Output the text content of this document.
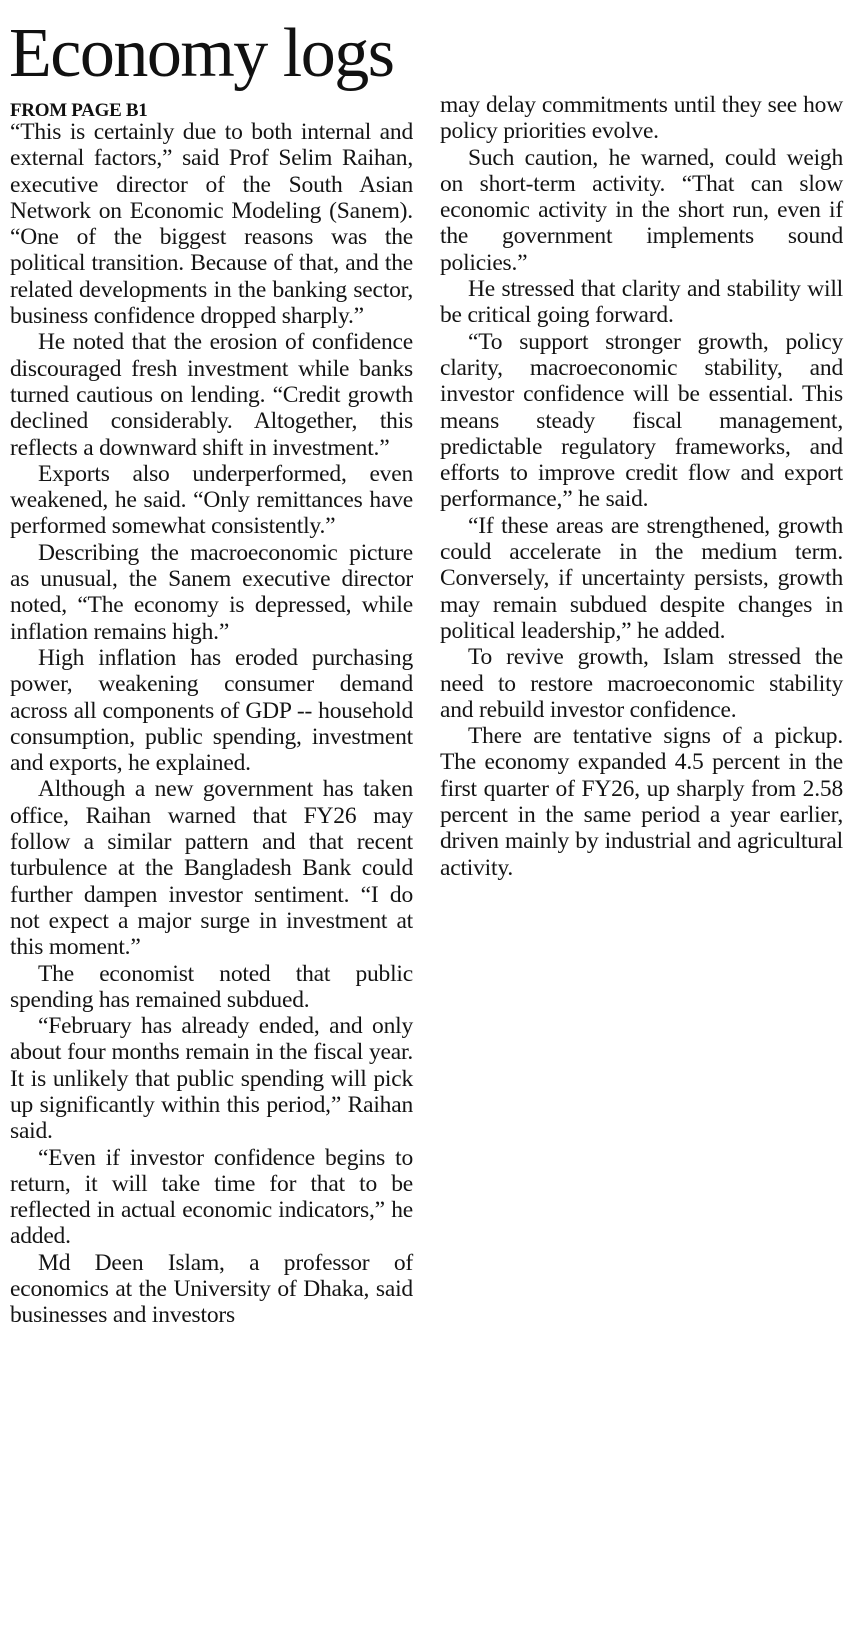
Economy logs
FROM PAGE B1

“This is certainly due to both internal and external factors,” said Prof Selim Raihan, executive director of the South Asian Network on Economic Modeling (Sanem). “One of the biggest reasons was the political transition. Because of that, and the related developments in the banking sector, business confidence dropped sharply.”

He noted that the erosion of confidence discouraged fresh investment while banks turned cautious on lending. “Credit growth declined considerably. Altogether, this reflects a downward shift in investment.”

Exports also underperformed, even weakened, he said. “Only remittances have performed somewhat consistently.”

Describing the macroeconomic picture as unusual, the Sanem executive director noted, “The economy is depressed, while inflation remains high.”

High inflation has eroded purchasing power, weakening consumer demand across all components of GDP -- household consumption, public spending, investment and exports, he explained.

Although a new government has taken office, Raihan warned that FY26 may follow a similar pattern and that recent turbulence at the Bangladesh Bank could further dampen investor sentiment. “I do not expect a major surge in investment at this moment.”

The economist noted that public spending has remained subdued.

“February has already ended, and only about four months remain in the fiscal year. It is unlikely that public spending will pick up significantly within this period,” Raihan said.

“Even if investor confidence begins to return, it will take time for that to be reflected in actual economic indicators,” he added.

Md Deen Islam, a professor of economics at the University of Dhaka, said businesses and investors

may delay commitments until they see how policy priorities evolve.

Such caution, he warned, could weigh on short-term activity. “That can slow economic activity in the short run, even if the government implements sound policies.”

He stressed that clarity and stability will be critical going forward.

“To support stronger growth, policy clarity, macroeconomic stability, and investor confidence will be essential. This means steady fiscal management, predictable regulatory frameworks, and efforts to improve credit flow and export performance,” he said.

“If these areas are strengthened, growth could accelerate in the medium term. Conversely, if uncertainty persists, growth may remain subdued despite changes in political leadership,” he added.

To revive growth, Islam stressed the need to restore macroeconomic stability and rebuild investor confidence.

There are tentative signs of a pickup. The economy expanded 4.5 percent in the first quarter of FY26, up sharply from 2.58 percent in the same period a year earlier, driven mainly by industrial and agricultural activity.
